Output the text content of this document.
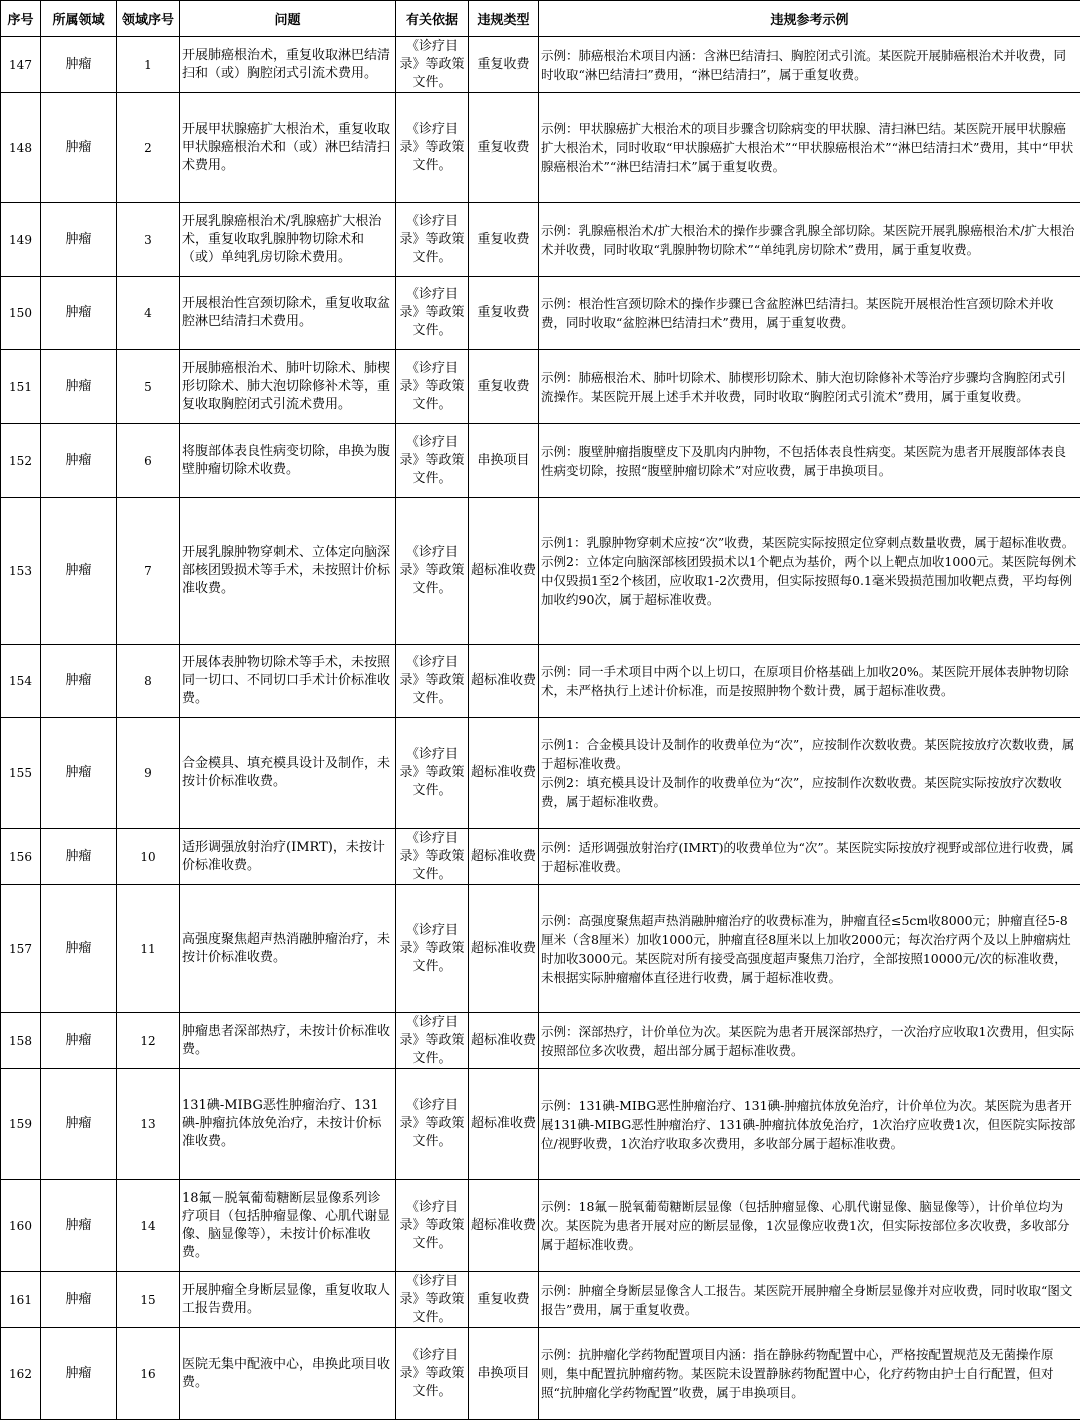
序号	所属领域	领域序号	问题	有关依据	违规类型	违规参考示例
147	肿瘤	1	开展肺癌根治术，重复收取淋巴结清扫和（或）胸腔闭式引流术费用。	《诊疗目录》等政策文件。	重复收费	示例：肺癌根治术项目内涵：含淋巴结清扫、胸腔闭式引流。某医院开展肺癌根治术并收费，同时收取“淋巴结清扫”费用，“淋巴结清扫”，属于重复收费。

148	肿瘤	2	开展甲状腺癌扩大根治术，重复收取甲状腺癌根治术和（或）淋巴结清扫术费用。	《诊疗目录》等政策文件。	重复收费	示例：甲状腺癌扩大根治术的项目步骤含切除病变的甲状腺、清扫淋巴结。某医院开展甲状腺癌扩大根治术，同时收取“甲状腺癌扩大根治术”“甲状腺癌根治术”“淋巴结清扫术”费用，其中“甲状腺癌根治术”“淋巴结清扫术”属于重复收费。

149	肿瘤	3	开展乳腺癌根治术/乳腺癌扩大根治术，重复收取乳腺肿物切除术和（或）单纯乳房切除术费用。	《诊疗目录》等政策文件。	重复收费	示例：乳腺癌根治术/扩大根治术的操作步骤含乳腺全部切除。某医院开展乳腺癌根治术/扩大根治术并收费，同时收取“乳腺肿物切除术”“单纯乳房切除术”费用，属于重复收费。

150	肿瘤	4	开展根治性宫颈切除术，重复收取盆腔淋巴结清扫术费用。	《诊疗目录》等政策文件。	重复收费	示例：根治性宫颈切除术的操作步骤已含盆腔淋巴结清扫。某医院开展根治性宫颈切除术并收费，同时收取“盆腔淋巴结清扫术”费用，属于重复收费。

151	肿瘤	5	开展肺癌根治术、肺叶切除术、肺楔形切除术、肺大泡切除修补术等，重复收取胸腔闭式引流术费用。	《诊疗目录》等政策文件。	重复收费	示例：肺癌根治术、肺叶切除术、肺楔形切除术、肺大泡切除修补术等治疗步骤均含胸腔闭式引流操作。某医院开展上述手术并收费，同时收取“胸腔闭式引流术”费用，属于重复收费。

152	肿瘤	6	将腹部体表良性病变切除，串换为腹壁肿瘤切除术收费。	《诊疗目录》等政策文件。	串换项目	示例：腹壁肿瘤指腹壁皮下及肌肉内肿物，不包括体表良性病变。某医院为患者开展腹部体表良性病变切除，按照“腹壁肿瘤切除术”对应收费，属于串换项目。

153	肿瘤	7	开展乳腺肿物穿刺术、立体定向脑深部核团毁损术等手术，未按照计价标准收费。	《诊疗目录》等政策文件。	超标准收费	示例1：乳腺肿物穿刺术应按“次”收费，某医院实际按照定位穿刺点数量收费，属于超标准收费。
示例2：立体定向脑深部核团毁损术以1个靶点为基价，两个以上靶点加收1000元。某医院每例术中仅毁损1至2个核团，应收取1-2次费用，但实际按照每0.1毫米毁损范围加收靶点费，平均每例加收约90次，属于超标准收费。

154	肿瘤	8	开展体表肿物切除术等手术，未按照同一切口、不同切口手术计价标准收费。	《诊疗目录》等政策文件。	超标准收费	示例：同一手术项目中两个以上切口，在原项目价格基础上加收20%。某医院开展体表肿物切除术，未严格执行上述计价标准，而是按照肿物个数计费，属于超标准收费。

155	肿瘤	9	合金模具、填充模具设计及制作，未按计价标准收费。	《诊疗目录》等政策文件。	超标准收费	示例1：合金模具设计及制作的收费单位为“次”，应按制作次数收费。某医院按放疗次数收费，属于超标准收费。
示例2：填充模具设计及制作的收费单位为“次”，应按制作次数收费。某医院实际按放疗次数收费，属于超标准收费。

156	肿瘤	10	适形调强放射治疗(IMRT)，未按计价标准收费。	《诊疗目录》等政策文件。	超标准收费	示例：适形调强放射治疗(IMRT)的收费单位为“次”。某医院实际按放疗视野或部位进行收费，属于超标准收费。

157	肿瘤	11	高强度聚焦超声热消融肿瘤治疗，未按计价标准收费。	《诊疗目录》等政策文件。	超标准收费	示例：高强度聚焦超声热消融肿瘤治疗的收费标准为，肿瘤直径≤5cm收8000元；肿瘤直径5-8厘米（含8厘米）加收1000元，肿瘤直径8厘米以上加收2000元；每次治疗两个及以上肿瘤病灶时加收3000元。某医院对所有接受高强度超声聚焦刀治疗，全部按照10000元/次的标准收费，未根据实际肿瘤瘤体直径进行收费，属于超标准收费。

158	肿瘤	12	肿瘤患者深部热疗，未按计价标准收费。	《诊疗目录》等政策文件。	超标准收费	示例：深部热疗，计价单位为次。某医院为患者开展深部热疗，一次治疗应收取1次费用，但实际按照部位多次收费，超出部分属于超标准收费。

159	肿瘤	13	131碘-MIBG恶性肿瘤治疗、131碘-肿瘤抗体放免治疗，未按计价标准收费。	《诊疗目录》等政策文件。	超标准收费	示例：131碘-MIBG恶性肿瘤治疗、131碘-肿瘤抗体放免治疗，计价单位为次。某医院为患者开展131碘-MIBG恶性肿瘤治疗、131碘-肿瘤抗体放免治疗，1次治疗应收费1次，但医院实际按部位/视野收费，1次治疗收取多次费用，多收部分属于超标准收费。

160	肿瘤	14	18氟－脱氧葡萄糖断层显像系列诊疗项目（包括肿瘤显像、心肌代谢显像、脑显像等），未按计价标准收费。	《诊疗目录》等政策文件。	超标准收费	示例：18氟－脱氧葡萄糖断层显像（包括肿瘤显像、心肌代谢显像、脑显像等），计价单位均为次。某医院为患者开展对应的断层显像，1次显像应收费1次，但实际按部位多次收费，多收部分属于超标准收费。

161	肿瘤	15	开展肿瘤全身断层显像，重复收取人工报告费用。	《诊疗目录》等政策文件。	重复收费	示例：肿瘤全身断层显像含人工报告。某医院开展肿瘤全身断层显像并对应收费，同时收取“图文报告”费用，属于重复收费。

162	肿瘤	16	医院无集中配液中心，串换此项目收费。	《诊疗目录》等政策文件。	串换项目	示例：抗肿瘤化学药物配置项目内涵：指在静脉药物配置中心，严格按配置规范及无菌操作原则，集中配置抗肿瘤药物。某医院未设置静脉药物配置中心，化疗药物由护士自行配置，但对照“抗肿瘤化学药物配置”收费，属于串换项目。
